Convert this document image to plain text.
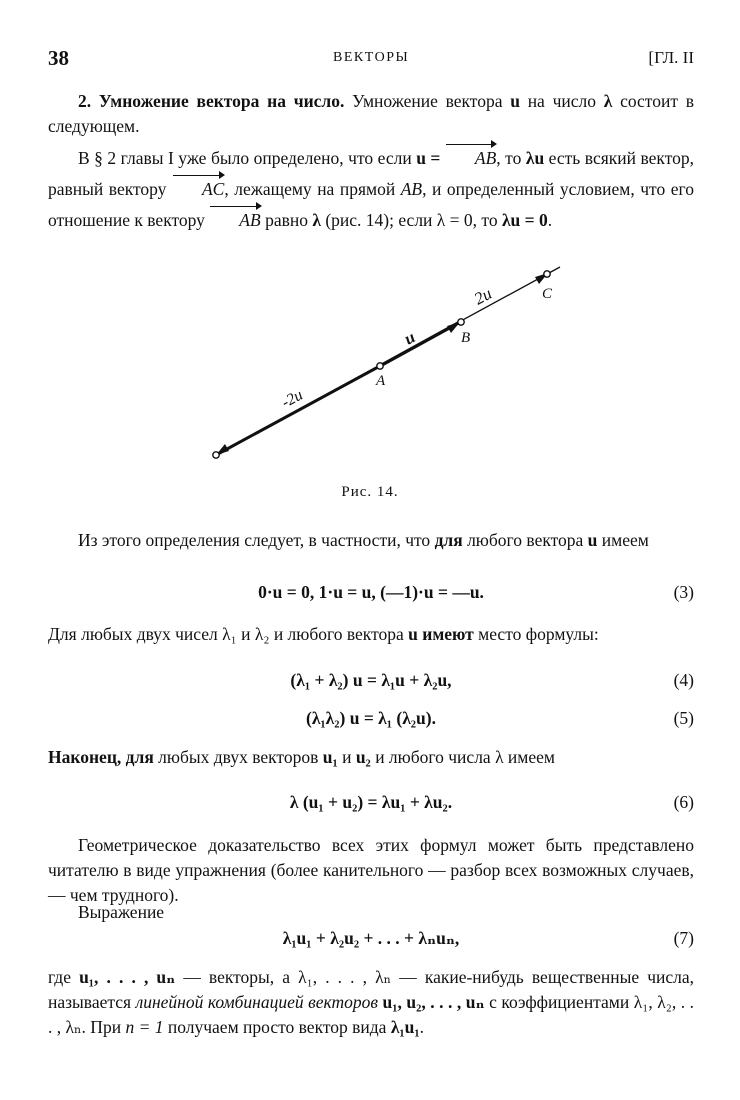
38	ВЕКТОРЫ	[ГЛ. II

2. Умножение вектора на число. Умножение вектора u на число λ состоит в следующем.

В § 2 главы I уже было определено, что если u = AB, то λu есть всякий вектор, равный вектору AC, лежащему на прямой AB, и определенный условием, что его отношение к вектору AB равно λ (рис. 14); если λ = 0, то λu = 0.

2u
u
-2u
A
B
C
Рис. 14.

Из этого определения следует, в частности, что для любого вектора u имеем

0·u = 0, 1·u = u, (—1)·u = —u.	(3)

Для любых двух чисел λ₁ и λ₂ и любого вектора u имеют место формулы:

(λ₁ + λ₂) u = λ₁u + λ₂u,	(4)
(λ₁λ₂) u = λ₁ (λ₂u).	(5)

Наконец, для любых двух векторов u₁ и u₂ и любого числа λ имеем

λ (u₁ + u₂) = λu₁ + λu₂.	(6)

Геометрическое доказательство всех этих формул может быть представлено читателю в виде упражнения (более канительного — разбор всех возможных случаев, — чем трудного).

Выражение

λ₁u₁ + λ₂u₂ + . . . + λₙuₙ,	(7)

где u₁, . . . , uₙ — векторы, а λ₁, . . . , λₙ — какие-нибудь вещественные числа, называется линейной комбинацией векторов u₁, u₂, . . . , uₙ с коэффициентами λ₁, λ₂, . . . , λₙ. При n = 1 получаем просто вектор вида λ₁u₁.
